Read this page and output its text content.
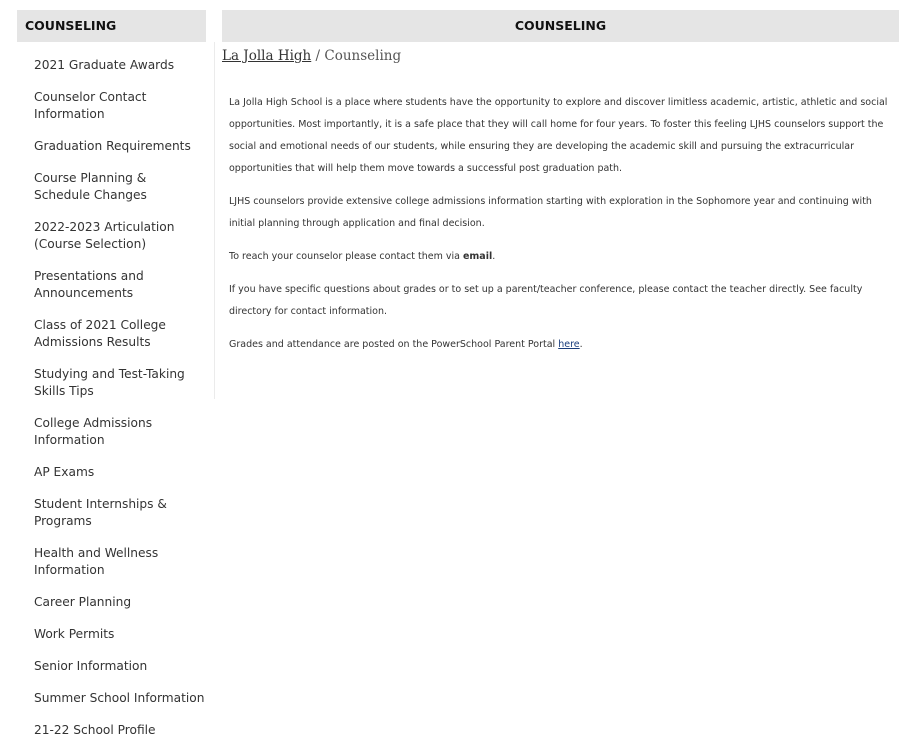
COUNSELING
2021 Graduate Awards
Counselor Contact Information
Graduation Requirements
Course Planning & Schedule Changes
2022-2023 Articulation (Course Selection)
Presentations and Announcements
Class of 2021 College Admissions Results
Studying and Test-Taking Skills Tips
College Admissions Information
AP Exams
Student Internships & Programs
Health and Wellness Information
Career Planning
Work Permits
Senior Information
Summer School Information
21-22 School Profile
COUNSELING
La Jolla High / Counseling

La Jolla High School is a place where students have the opportunity to explore and discover limitless academic, artistic, athletic and social opportunities. Most importantly, it is a safe place that they will call home for four years. To foster this feeling LJHS counselors support the social and emotional needs of our students, while ensuring they are developing the academic skill and pursuing the extracurricular opportunities that will help them move towards a successful post graduation path.

LJHS counselors provide extensive college admissions information starting with exploration in the Sophomore year and continuing with initial planning through application and final decision.

To reach your counselor please contact them via email.

If you have specific questions about grades or to set up a parent/teacher conference, please contact the teacher directly. See faculty directory for contact information.

Grades and attendance are posted on the PowerSchool Parent Portal here.
